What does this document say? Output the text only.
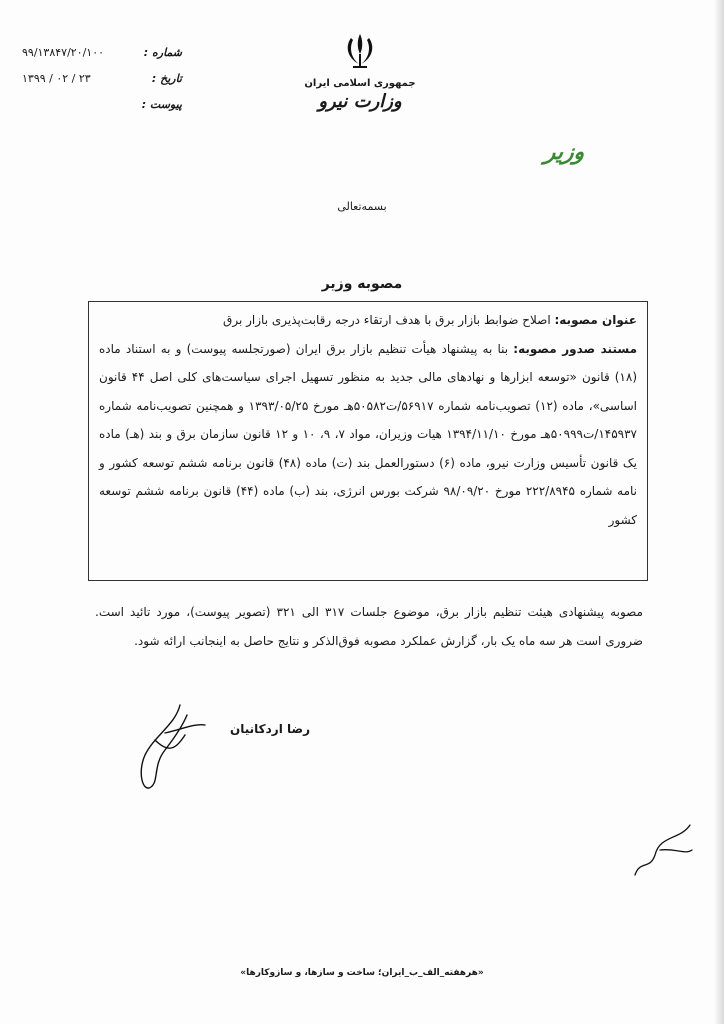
شماره :
۹۹/۱۳۸۴۷/۲۰/۱۰۰
تاریخ :
۱۳۹۹ / ۰۲ / ۲۳
پیوست :
جمهوری اسلامی ایران
وزارت نیرو
وزیر
بسمه‌تعالی
مصوبه وزیر
عنوان مصوبه: اصلاح ضوابط بازار برق با هدف ارتقاء درجه رقابت‌پذیری بازار برق
مستند صدور مصوبه: بنا به پیشنهاد هیأت تنظیم بازار برق ایران (صورتجلسه پیوست) و به استناد ماده (۱۸) قانون «توسعه ابزارها و نهادهای مالی جدید به منظور تسهیل اجرای سیاست‌های کلی اصل ۴۴ قانون اساسی»، ماده (۱۲) تصویب‌نامه شماره ۵۶۹۱۷/ت۵۰۵۸۲هـ مورخ ۱۳۹۳/۰۵/۲۵ و همچنین تصویب‌نامه شماره ۱۴۵۹۳۷/ت۵۰۹۹۹هـ مورخ ۱۳۹۴/۱۱/۱۰ هیات وزیران، مواد ۷، ۹، ۱۰ و ۱۲ قانون سازمان برق و بند (هـ) ماده یک قانون تأسیس وزارت نیرو، ماده (۶) دستورالعمل بند (ت) ماده (۴۸) قانون برنامه ششم توسعه کشور و نامه شماره ۲۲۲/۸۹۴۵ مورخ ۹۸/۰۹/۲۰ شرکت بورس انرژی، بند (ب) ماده (۴۴) قانون برنامه ششم توسعه کشور
مصوبه پیشنهادی هیئت تنظیم بازار برق، موضوع جلسات ۳۱۷ الی ۳۲۱ (تصویر پیوست)، مورد تائید است. ضروری است هر سه ماه یک بار، گزارش عملکرد مصوبه فوق‌الذکر و نتایج حاصل به اینجانب ارائه شود.
رضا اردکانیان
«هرهفته_الف_ب_ایران؛ ساخت و سازها، و سازوکارها»
